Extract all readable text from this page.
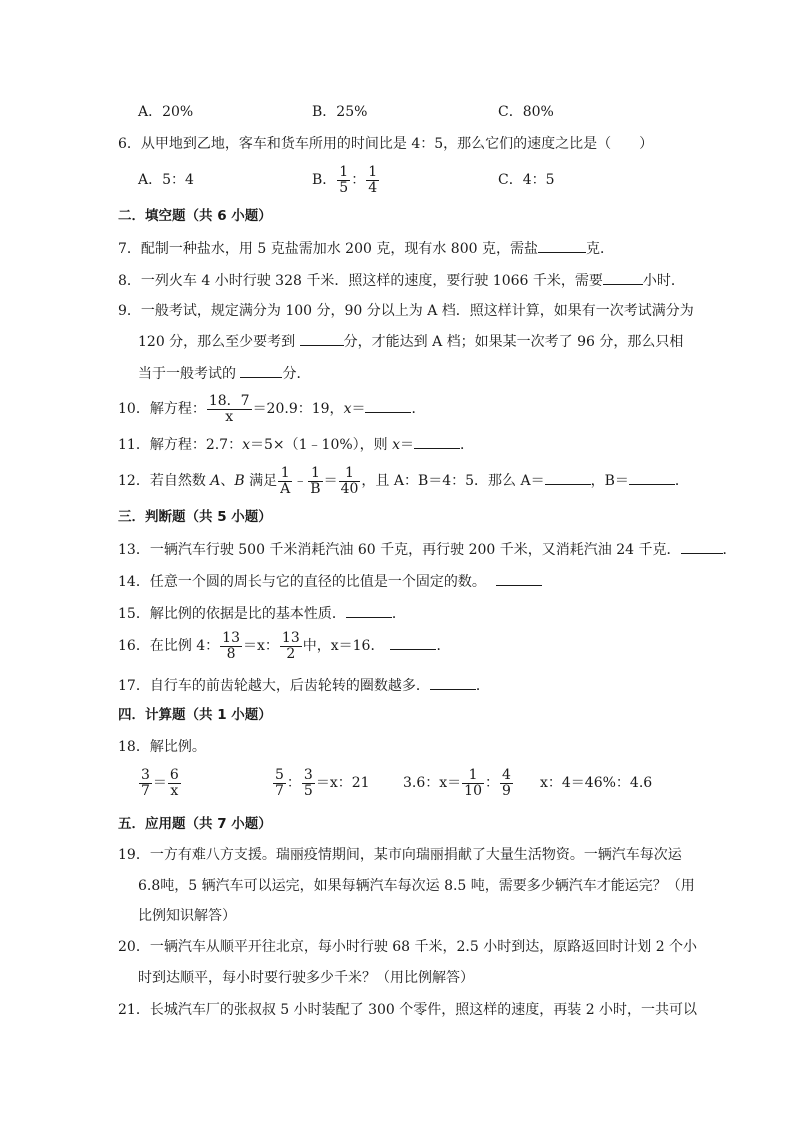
A．20%	B．25%	C．80%
6．从甲地到乙地，客车和货车所用的时间比是 4：5，那么它们的速度之比是（　　）
A．5：4	B． $\frac{1}{5}$ ： $\frac{1}{4}$	C．4：5
二．填空题（共 6 小题）
7．配制一种盐水，用 5 克盐需加水 200 克，现有水 800 克，需盐	克．
8．一列火车 4 小时行驶 328 千米．照这样的速度，要行驶 1066 千米，需要	小时．
9．一般考试，规定满分为 100 分，90 分以上为 A 档．照这样计算，如果有一次考试满分为
120 分，那么至少要考到	分，才能达到 A 档；如果某一次考了 96 分，那么只相
当于一般考试的	分．
10．解方程： $\frac{18.7}{x} =20.9$：19，x＝	．
11．解方程：2.7：x＝5×（1﹣10%），则 x＝	．
12．若自然数 A、B 满足 $\frac{1}{A}$ ﹣ $\frac{1}{B} = \frac{1}{40}$ ，且 A：B＝4：5．那么 A＝	，B＝	．
三．判断题（共 5 小题）
13．一辆汽车行驶 500 千米消耗汽油 60 千克，再行驶 200 千米，又消耗汽油 24 千克．	．
14．任意一个圆的周长与它的直径的比值是一个固定的数。
15．解比例的依据是比的基本性质．	．
16．在比例 4： $\frac{13}{8} =x$： $\frac{13}{2}$ 中，x＝16．	．
17．自行车的前齿轮越大，后齿轮转的圈数越多．	．
四．计算题（共 1 小题）
18．解比例。
$\frac{3}{7} = \frac{6}{x}$	$\frac{5}{7}$ ： $\frac{3}{5} =x$：21 3.6：$x= \frac{1}{10}$ ： $\frac{4}{9}$ x：4＝46%：4.6
五．应用题（共 7 小题）
19．一方有难八方支援。瑞丽疫情期间，某市向瑞丽捐献了大量生活物资。一辆汽车每次运
6.8吨，5 辆汽车可以运完，如果每辆汽车每次运 8.5 吨，需要多少辆汽车才能运完？（用
比例知识解答）
20．一辆汽车从顺平开往北京，每小时行驶 68 千米，2.5 小时到达，原路返回时计划 2 个小
时到达顺平，每小时要行驶多少千米？（用比例解答）
21．长城汽车厂的张叔叔 5 小时装配了 300 个零件，照这样的速度，再装 2 小时，一共可以
